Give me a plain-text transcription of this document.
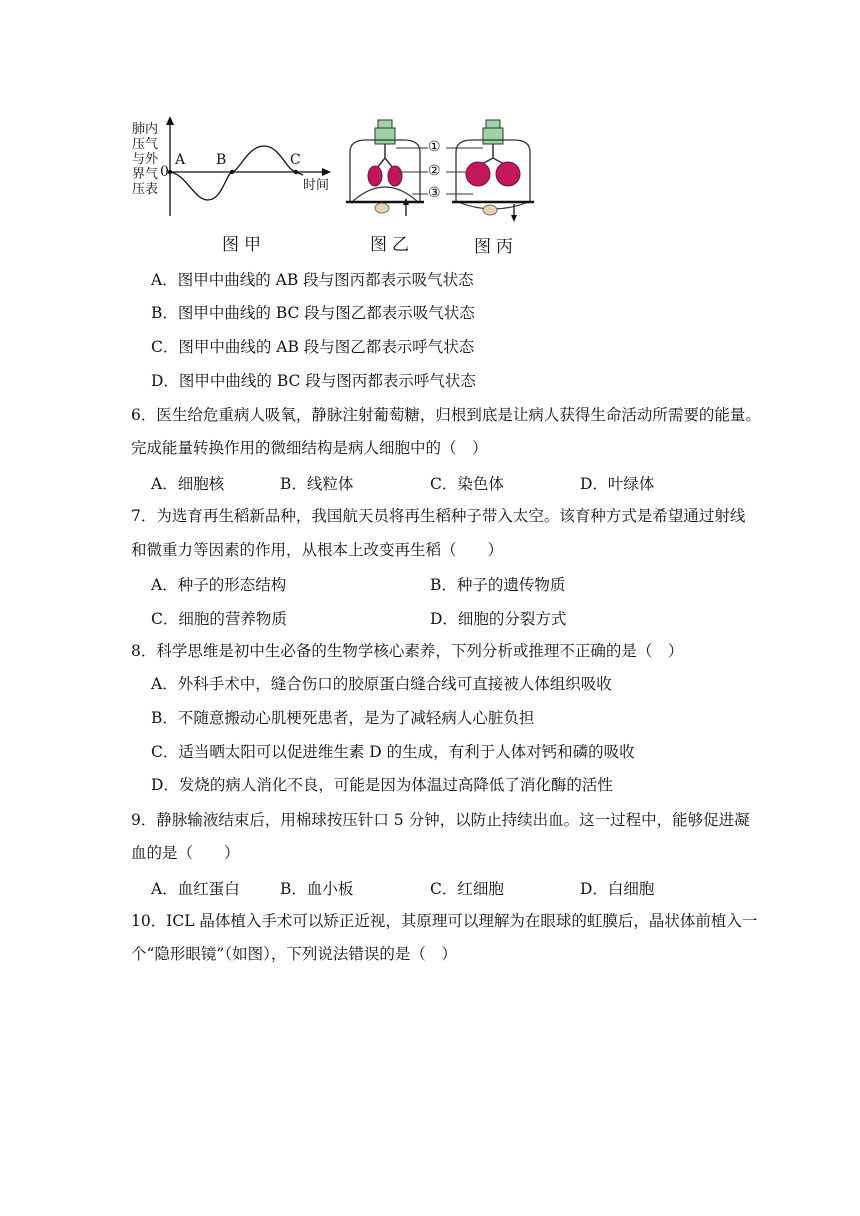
肺内
压气
与外
界气
压表
0
A B	C
时间
①
②
③
图甲	图乙	图丙
A．图甲中曲线的 AB 段与图丙都表示吸气状态
B．图甲中曲线的 BC 段与图乙都表示吸气状态
C．图甲中曲线的 AB 段与图乙都表示呼气状态
D．图甲中曲线的 BC 段与图丙都表示呼气状态
6．医生给危重病人吸氧，静脉注射葡萄糖，归根到底是让病人获得生命活动所需要的能量。
完成能量转换作用的微细结构是病人细胞中的（　）
A．细胞核	B．线粒体	C．染色体	D．叶绿体
7．为选育再生稻新品种，我国航天员将再生稻种子带入太空。该育种方式是希望通过射线
和微重力等因素的作用，从根本上改变再生稻（　　）
A．种子的形态结构	B．种子的遗传物质
C．细胞的营养物质	D．细胞的分裂方式
8．科学思维是初中生必备的生物学核心素养，下列分析或推理不正确的是（　）
A．外科手术中，缝合伤口的胶原蛋白缝合线可直接被人体组织吸收
B．不随意搬动心肌梗死患者，是为了减轻病人心脏负担
C．适当晒太阳可以促进维生素 D 的生成，有利于人体对钙和磷的吸收
D．发烧的病人消化不良，可能是因为体温过高降低了消化酶的活性
9．静脉输液结束后，用棉球按压针口 5 分钟，以防止持续出血。这一过程中，能够促进凝
血的是（　　）
A．血红蛋白	B．血小板	C．红细胞	D．白细胞
10．ICL 晶体植入手术可以矫正近视，其原理可以理解为在眼球的虹膜后，晶状体前植入一
个“隐形眼镜”（如图），下列说法错误的是（　）
